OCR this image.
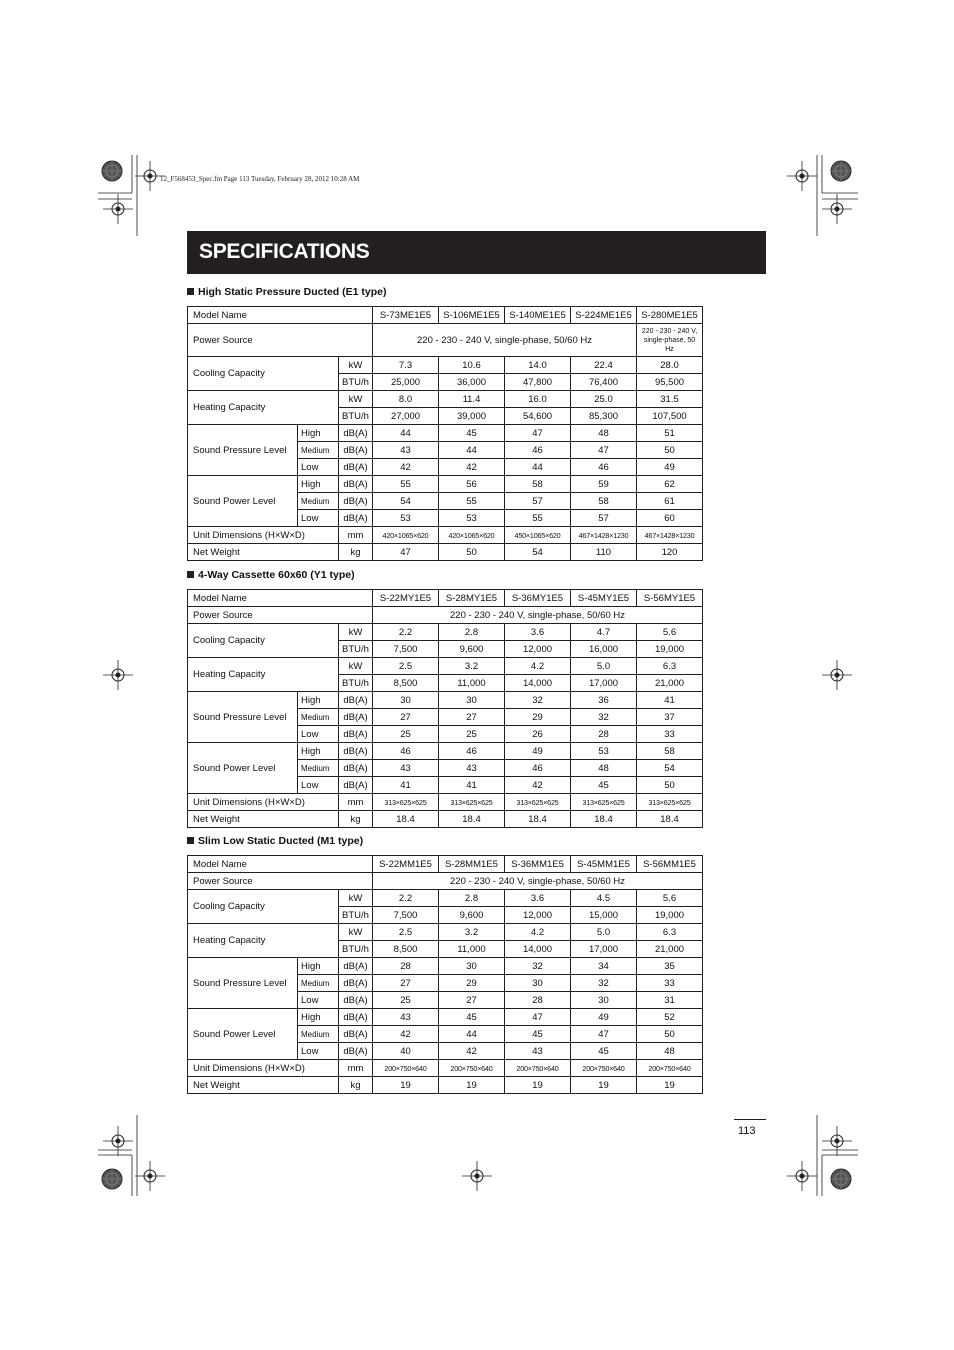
12_F568453_Spec.fm Page 113 Tuesday, February 28, 2012 10:28 AM
SPECIFICATIONS
High Static Pressure Ducted (E1 type)
Model Name			S-73ME1E5	S-106ME1E5	S-140ME1E5	S-224ME1E5	S-280ME1E5
Power Source			220 - 230 - 240 V, single-phase, 50/60 Hz				220 - 230 - 240 V, single-phase, 50 Hz
Cooling Capacity		kW	7.3	10.6	14.0	22.4	28.0
		BTU/h	25,000	36,000	47,800	76,400	95,500
Heating Capacity		kW	8.0	11.4	16.0	25.0	31.5
		BTU/h	27,000	39,000	54,600	85,300	107,500
Sound Pressure Level	High	dB(A)	44	45	47	48	51
	Medium	dB(A)	43	44	46	47	50
	Low	dB(A)	42	42	44	46	49
Sound Power Level	High	dB(A)	55	56	58	59	62
	Medium	dB(A)	54	55	57	58	61
	Low	dB(A)	53	53	55	57	60
Unit Dimensions (H×W×D)		mm	420×1065×620	420×1065×620	450×1065×620	467×1428×1230	467×1428×1230
Net Weight		kg	47	50	54	110	120
4-Way Cassette 60x60 (Y1 type)
Model Name			S-22MY1E5	S-28MY1E5	S-36MY1E5	S-45MY1E5	S-56MY1E5
Power Source			220 - 230 - 240 V, single-phase, 50/60 Hz				
Cooling Capacity		kW	2.2	2.8	3.6	4.7	5.6
		BTU/h	7,500	9,600	12,000	16,000	19,000
Heating Capacity		kW	2.5	3.2	4.2	5.0	6.3
		BTU/h	8,500	11,000	14,000	17,000	21,000
Sound Pressure Level	High	dB(A)	30	30	32	36	41
	Medium	dB(A)	27	27	29	32	37
	Low	dB(A)	25	25	26	28	33
Sound Power Level	High	dB(A)	46	46	49	53	58
	Medium	dB(A)	43	43	46	48	54
	Low	dB(A)	41	41	42	45	50
Unit Dimensions (H×W×D)		mm	313×625×625	313×625×625	313×625×625	313×625×625	313×625×625
Net Weight		kg	18.4	18.4	18.4	18.4	18.4
Slim Low Static Ducted (M1 type)
Model Name			S-22MM1E5	S-28MM1E5	S-36MM1E5	S-45MM1E5	S-56MM1E5
Power Source			220 - 230 - 240 V, single-phase, 50/60 Hz				
Cooling Capacity		kW	2.2	2.8	3.6	4.5	5.6
		BTU/h	7,500	9,600	12,000	15,000	19,000
Heating Capacity		kW	2.5	3.2	4.2	5.0	6.3
		BTU/h	8,500	11,000	14,000	17,000	21,000
Sound Pressure Level	High	dB(A)	28	30	32	34	35
	Medium	dB(A)	27	29	30	32	33
	Low	dB(A)	25	27	28	30	31
Sound Power Level	High	dB(A)	43	45	47	49	52
	Medium	dB(A)	42	44	45	47	50
	Low	dB(A)	40	42	43	45	48
Unit Dimensions (H×W×D)		mm	200×750×640	200×750×640	200×750×640	200×750×640	200×750×640
Net Weight		kg	19	19	19	19	19
113
